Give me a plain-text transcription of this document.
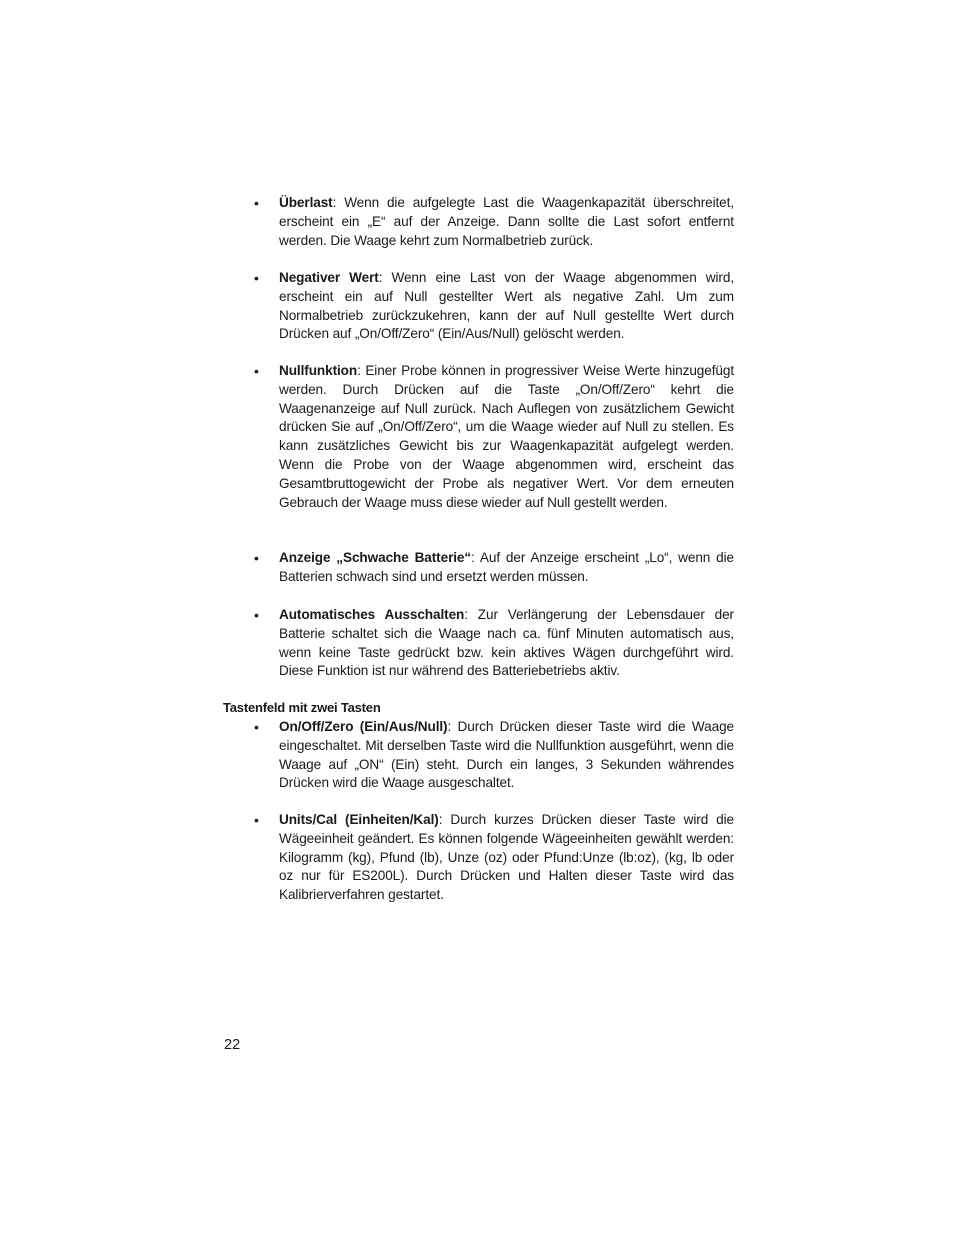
• Überlast: Wenn die aufgelegte Last die Waagenkapazität überschreitet, erscheint ein „E“ auf der Anzeige. Dann sollte die Last sofort entfernt werden. Die Waage kehrt zum Normalbetrieb zurück.
• Negativer Wert: Wenn eine Last von der Waage abgenommen wird, erscheint ein auf Null gestellter Wert als negative Zahl. Um zum Normalbetrieb zurückzukehren, kann der auf Null gestellte Wert durch Drücken auf „On/Off/Zero“ (Ein/Aus/Null) gelöscht werden.
• Nullfunktion: Einer Probe können in progressiver Weise Werte hinzugefügt werden. Durch Drücken auf die Taste „On/Off/Zero“ kehrt die Waagenanzeige auf Null zurück. Nach Auflegen von zusätzlichem Gewicht drücken Sie auf „On/Off/Zero“, um die Waage wieder auf Null zu stellen. Es kann zusätzliches Gewicht bis zur Waagenkapazität aufgelegt werden. Wenn die Probe von der Waage abgenommen wird, erscheint das Gesamtbruttogewicht der Probe als negativer Wert. Vor dem erneuten Gebrauch der Waage muss diese wieder auf Null gestellt werden.
• Anzeige „Schwache Batterie“: Auf der Anzeige erscheint „Lo“, wenn die Batterien schwach sind und ersetzt werden müssen.
• Automatisches Ausschalten: Zur Verlängerung der Lebensdauer der Batterie schaltet sich die Waage nach ca. fünf Minuten automatisch aus, wenn keine Taste gedrückt bzw. kein aktives Wägen durchgeführt wird. Diese Funktion ist nur während des Batteriebetriebs aktiv.
Tastenfeld mit zwei Tasten
• On/Off/Zero (Ein/Aus/Null): Durch Drücken dieser Taste wird die Waage eingeschaltet. Mit derselben Taste wird die Nullfunktion ausgeführt, wenn die Waage auf „ON“ (Ein) steht. Durch ein langes, 3 Sekunden währendes Drücken wird die Waage ausgeschaltet.
• Units/Cal (Einheiten/Kal): Durch kurzes Drücken dieser Taste wird die Wägeeinheit geändert. Es können folgende Wägeeinheiten gewählt werden: Kilogramm (kg), Pfund (lb), Unze (oz) oder Pfund:Unze (lb:oz), (kg, lb oder oz nur für ES200L). Durch Drücken und Halten dieser Taste wird das Kalibrierverfahren gestartet.
22
